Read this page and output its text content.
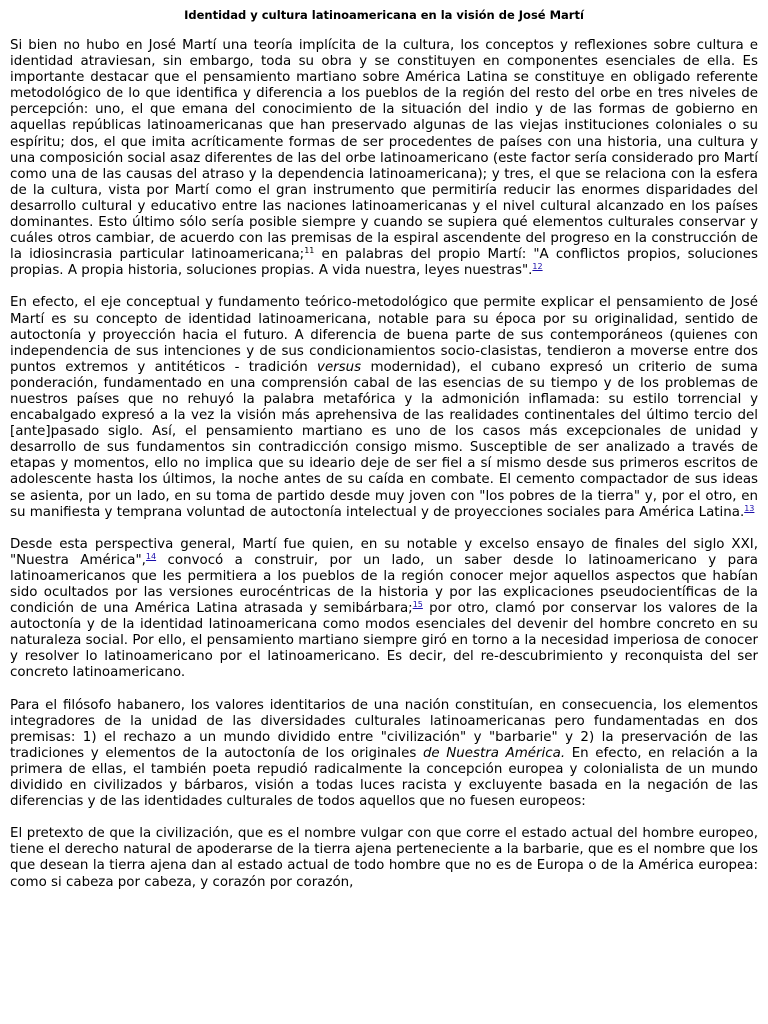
Identidad y cultura latinoamericana en la visión de José Martí

Si bien no hubo en José Martí una teoría implícita de la cultura, los conceptos y reflexiones sobre cultura e identidad atraviesan, sin embargo, toda su obra y se constituyen en componentes esenciales de ella. Es importante destacar que el pensamiento martiano sobre América Latina se constituye en obligado referente metodológico de lo que identifica y diferencia a los pueblos de la región del resto del orbe en tres niveles de percepción: uno, el que emana del conocimiento de la situación del indio y de las formas de gobierno en aquellas repúblicas latinoamericanas que han preservado algunas de las viejas instituciones coloniales o su espíritu; dos, el que imita acríticamente formas de ser procedentes de países con una historia, una cultura y una composición social asaz diferentes de las del orbe latinoamericano (este factor sería considerado pro Martí como una de las causas del atraso y la dependencia latinoamericana); y tres, el que se relaciona con la esfera de la cultura, vista por Martí como el gran instrumento que permitiría reducir las enormes disparidades del desarrollo cultural y educativo entre las naciones latinoamericanas y el nivel cultural alcanzado en los países dominantes. Esto último sólo sería posible siempre y cuando se supiera qué elementos culturales conservar y cuáles otros cambiar, de acuerdo con las premisas de la espiral ascendente del progreso en la construcción de la idiosincrasia particular latinoamericana;$^{11}$ en palabras del propio Martí: "A conflictos propios, soluciones propias. A propia historia, soluciones propias. A vida nuestra, leyes nuestras".$^{12}$

En efecto, el eje conceptual y fundamento teórico-metodológico que permite explicar el pensamiento de José Martí es su concepto de identidad latinoamericana, notable para su época por su originalidad, sentido de autoctonía y proyección hacia el futuro. A diferencia de buena parte de sus contemporáneos (quienes con independencia de sus intenciones y de sus condicionamientos socio-clasistas, tendieron a moverse entre dos puntos extremos y antitéticos - tradición versus modernidad), el cubano expresó un criterio de suma ponderación, fundamentado en una comprensión cabal de las esencias de su tiempo y de los problemas de nuestros países que no rehuyó la palabra metafórica y la admonición inflamada: su estilo torrencial y encabalgado expresó a la vez la visión más aprehensiva de las realidades continentales del último tercio del [ante]pasado siglo. Así, el pensamiento martiano es uno de los casos más excepcionales de unidad y desarrollo de sus fundamentos sin contradicción consigo mismo. Susceptible de ser analizado a través de etapas y momentos, ello no implica que su ideario deje de ser fiel a sí mismo desde sus primeros escritos de adolescente hasta los últimos, la noche antes de su caída en combate. El cemento compactador de sus ideas se asienta, por un lado, en su toma de partido desde muy joven con "los pobres de la tierra" y, por el otro, en su manifiesta y temprana voluntad de autoctonía intelectual y de proyecciones sociales para América Latina.$^{13}$

Desde esta perspectiva general, Martí fue quien, en su notable y excelso ensayo de finales del siglo XXI, "Nuestra América",$^{14}$ convocó a construir, por un lado, un saber desde lo latinoamericano y para latinoamericanos que les permitiera a los pueblos de la región conocer mejor aquellos aspectos que habían sido ocultados por las versiones eurocéntricas de la historia y por las explicaciones pseudocientíficas de la condición de una América Latina atrasada y semibárbara;$^{15}$ por otro, clamó por conservar los valores de la autoctonía y de la identidad latinoamericana como modos esenciales del devenir del hombre concreto en su naturaleza social. Por ello, el pensamiento martiano siempre giró en torno a la necesidad imperiosa de conocer y resolver lo latinoamericano por el latinoamericano. Es decir, del re-descubrimiento y reconquista del ser concreto latinoamericano.

Para el filósofo habanero, los valores identitarios de una nación constituían, en consecuencia, los elementos integradores de la unidad de las diversidades culturales latinoamericanas pero fundamentadas en dos premisas: 1) el rechazo a un mundo dividido entre "civilización" y "barbarie" y 2) la preservación de las tradiciones y elementos de la autoctonía de los originales de Nuestra América. En efecto, en relación a la primera de ellas, el también poeta repudió radicalmente la concepción europea y colonialista de un mundo dividido en civilizados y bárbaros, visión a todas luces racista y excluyente basada en la negación de las diferencias y de las identidades culturales de todos aquellos que no fuesen europeos:

El pretexto de que la civilización, que es el nombre vulgar con que corre el estado actual del hombre europeo, tiene el derecho natural de apoderarse de la tierra ajena perteneciente a la barbarie, que es el nombre que los que desean la tierra ajena dan al estado actual de todo hombre que no es de Europa o de la América europea: como si cabeza por cabeza, y corazón por corazón,
